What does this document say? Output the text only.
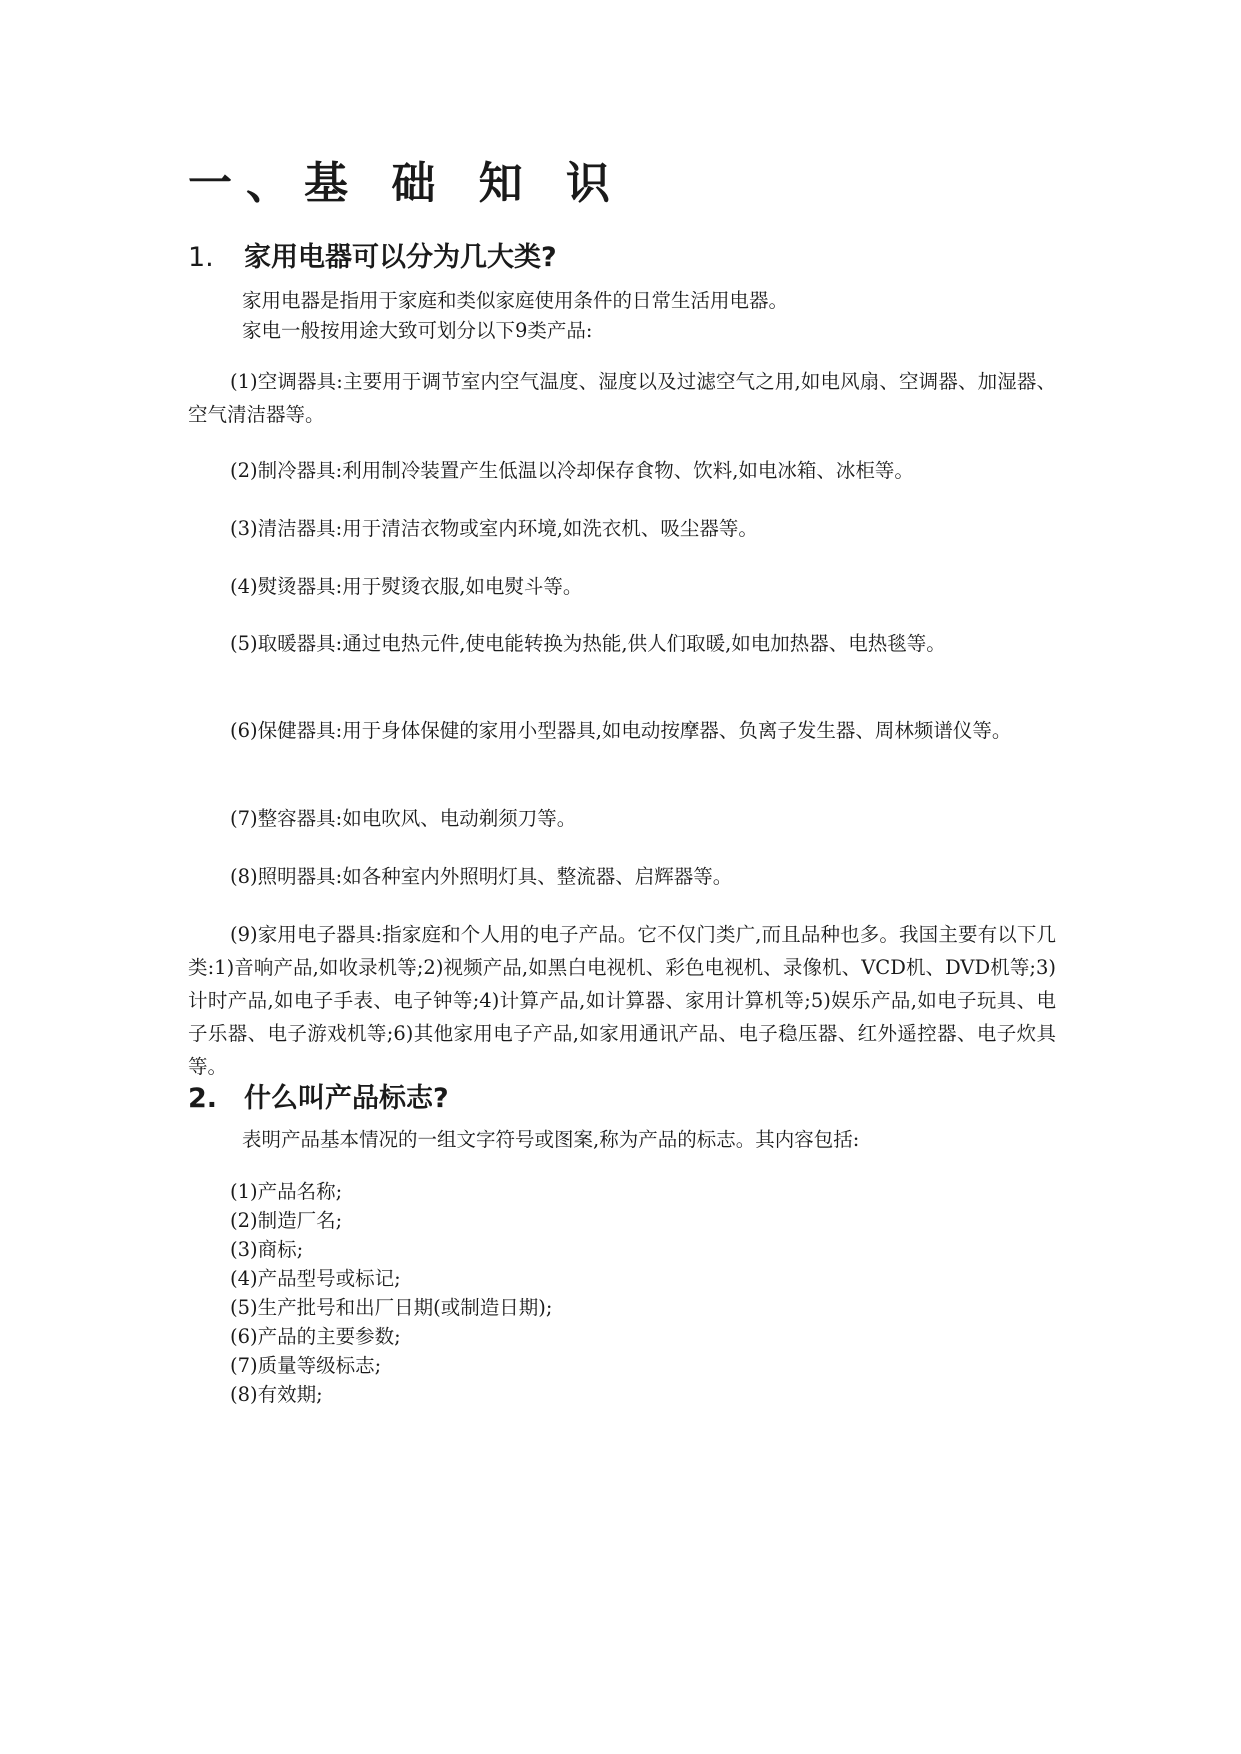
一、基 础 知 识
1. 家用电器可以分为几大类?

家用电器是指用于家庭和类似家庭使用条件的日常生活用电器。

家电一般按用途大致可划分以下9类产品:

(1)空调器具:主要用于调节室内空气温度、湿度以及过滤空气之用,如电风扇、空调器、加湿器、空气清洁器等。

(2)制冷器具:利用制冷装置产生低温以冷却保存食物、饮料,如电冰箱、冰柜等。

(3)清洁器具:用于清洁衣物或室内环境,如洗衣机、吸尘器等。

(4)熨烫器具:用于熨烫衣服,如电熨斗等。

(5)取暖器具:通过电热元件,使电能转换为热能,供人们取暖,如电加热器、电热毯等。

(6)保健器具:用于身体保健的家用小型器具,如电动按摩器、负离子发生器、周林频谱仪等。

(7)整容器具:如电吹风、电动剃须刀等。

(8)照明器具:如各种室内外照明灯具、整流器、启辉器等。

(9)家用电子器具:指家庭和个人用的电子产品。它不仅门类广,而且品种也多。我国主要有以下几类:1)音响产品,如收录机等;2)视频产品,如黑白电视机、彩色电视机、录像机、VCD机、DVD机等;3)计时产品,如电子手表、电子钟等;4)计算产品,如计算器、家用计算机等;5)娱乐产品,如电子玩具、电子乐器、电子游戏机等;6)其他家用电子产品,如家用通讯产品、电子稳压器、红外遥控器、电子炊具等。

2. 什么叫产品标志?

表明产品基本情况的一组文字符号或图案,称为产品的标志。其内容包括:

(1)产品名称;

(2)制造厂名;

(3)商标;

(4)产品型号或标记;

(5)生产批号和出厂日期(或制造日期);

(6)产品的主要参数;

(7)质量等级标志;

(8)有效期;
